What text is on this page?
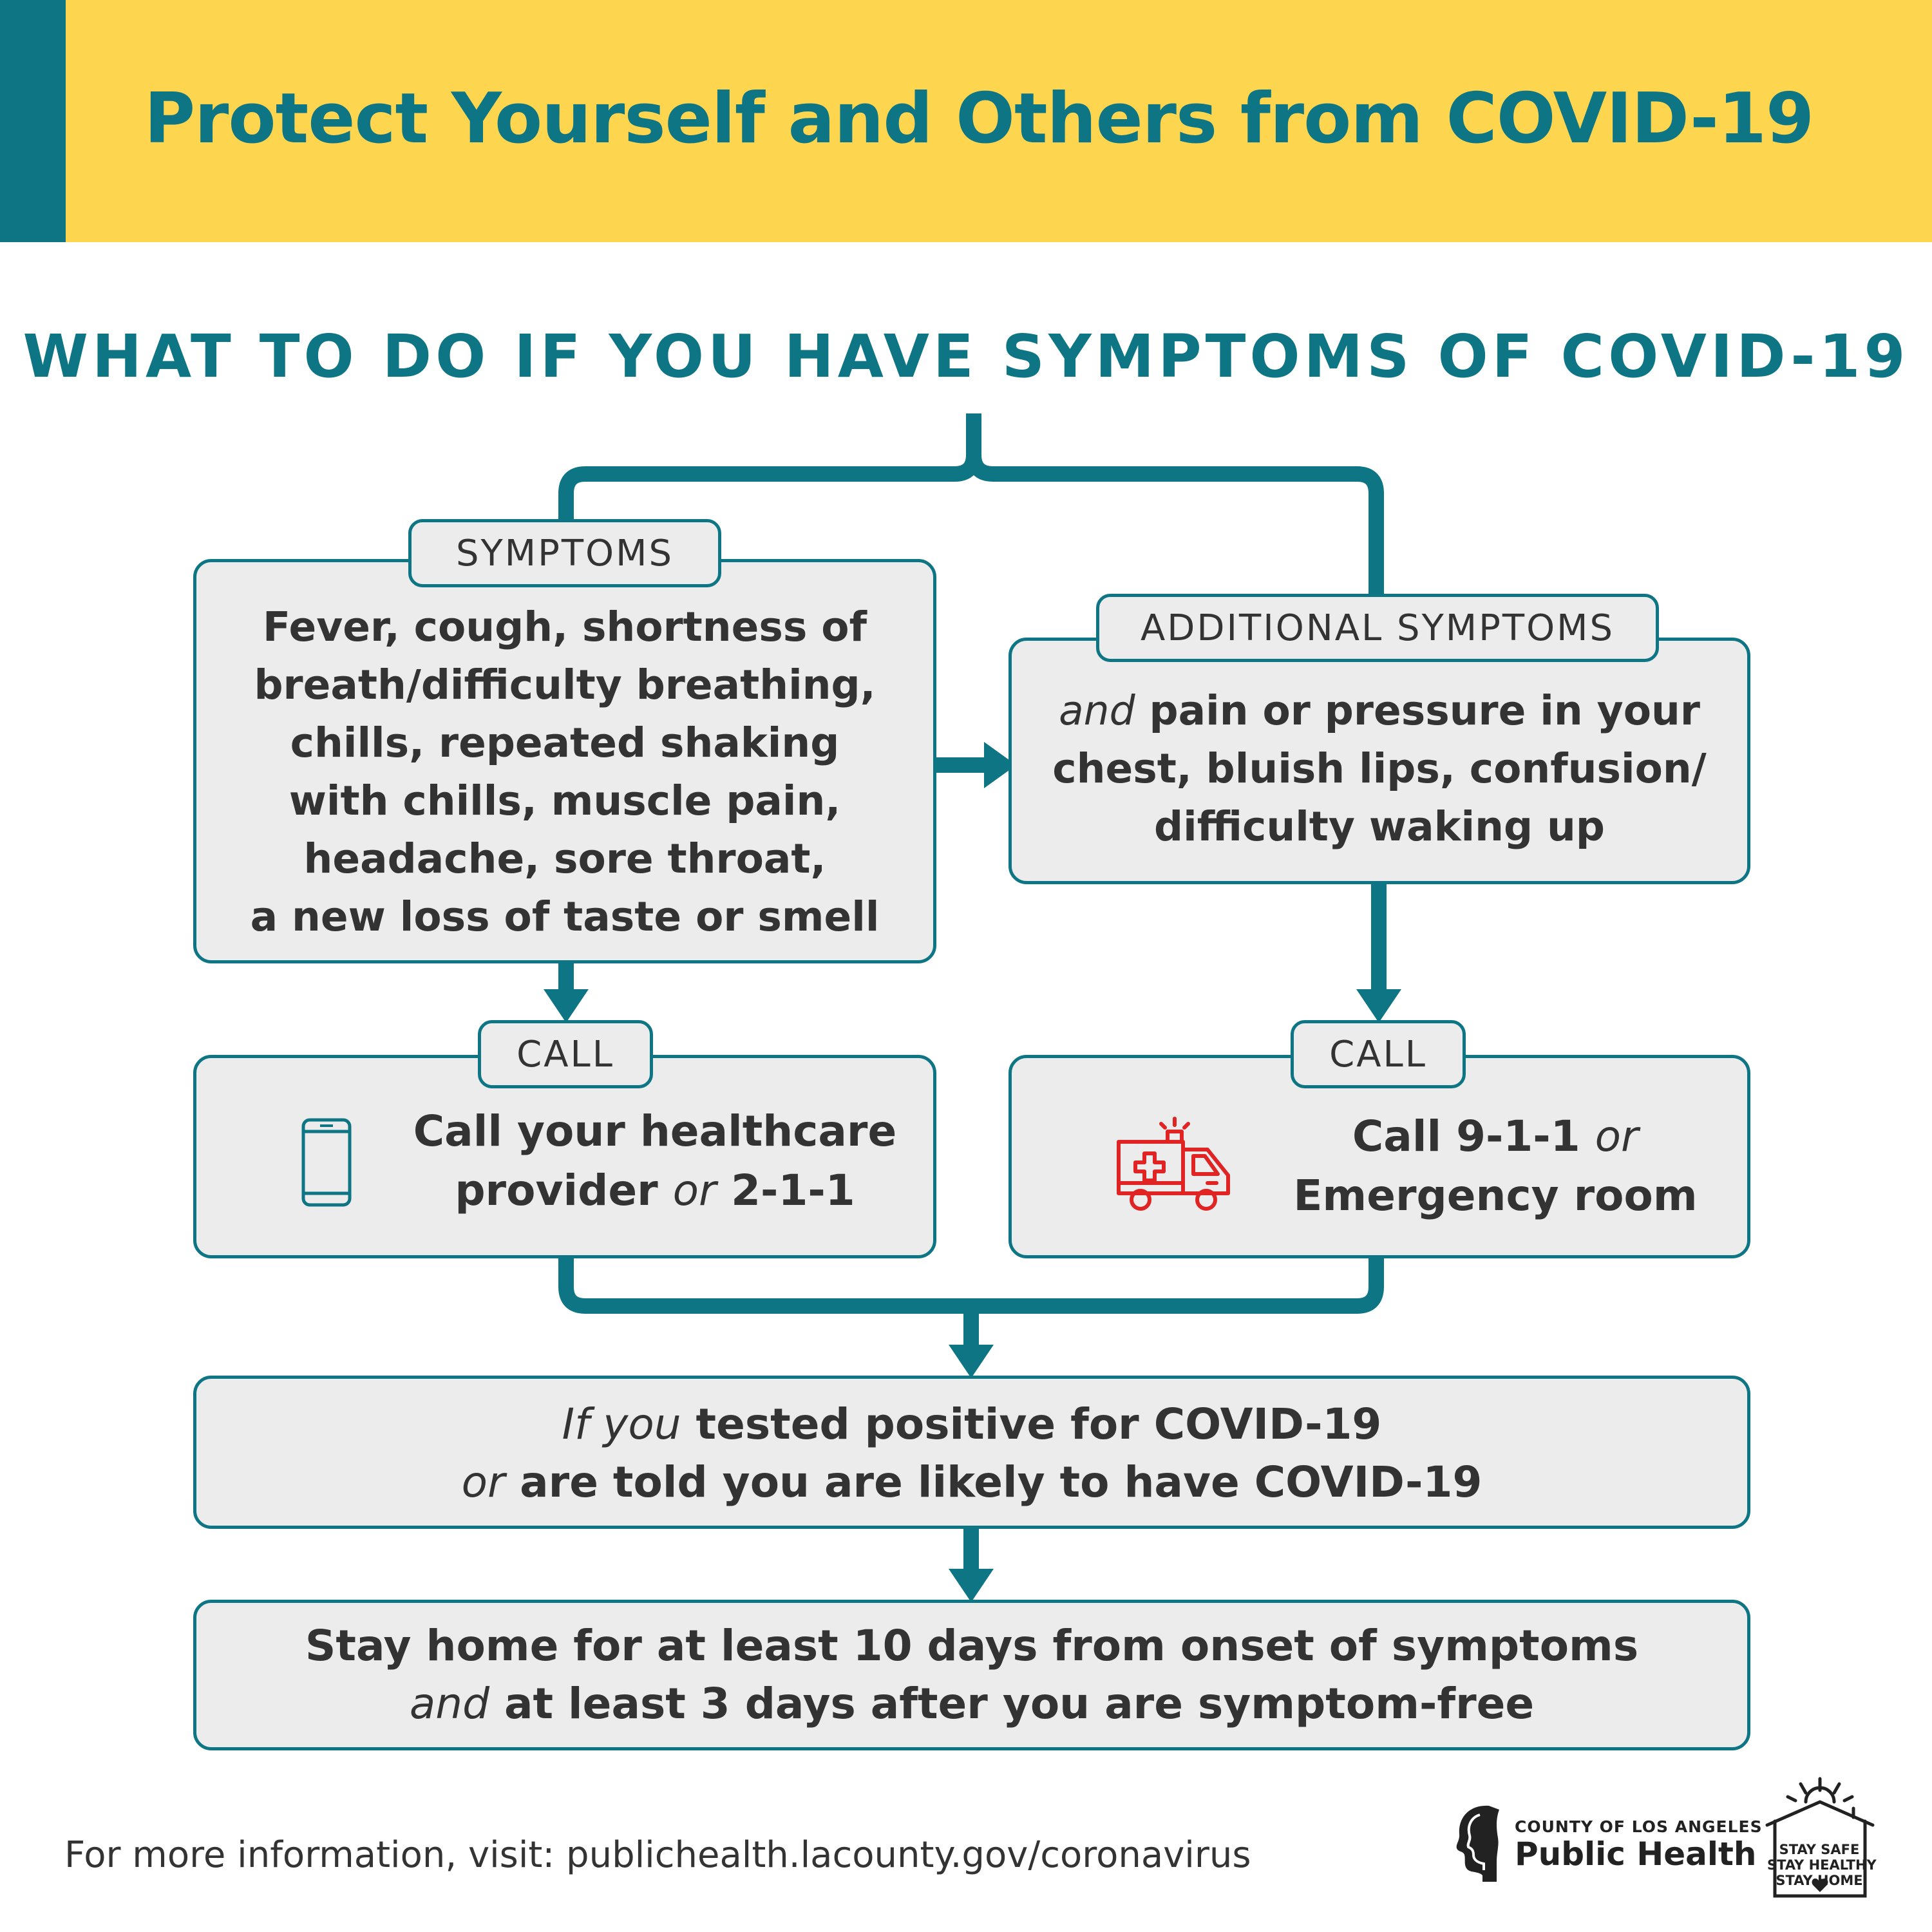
Protect Yourself and Others from COVID-19
WHAT TO DO IF YOU HAVE SYMPTOMS OF COVID-19
Fever, cough, shortness of
breath/difficulty breathing,
chills, repeated shaking
with chills, muscle pain,
headache, sore throat,
a new loss of taste or smell
SYMPTOMS
and pain or pressure in your
chest, bluish lips, confusion/
difficulty waking up
ADDITIONAL SYMPTOMS
Call your healthcare
provider or 2-1-1
CALL
Call 9-1-1 or
Emergency room
CALL
If you tested positive for COVID-19
or are told you are likely to have COVID-19
Stay home for at least 10 days from onset of symptoms
and at least 3 days after you are symptom-free
For more information, visit: publichealth.lacounty.gov/coronavirus
COUNTY OF LOS ANGELES
Public Health	STAY SAFE
STAY HEALTHY
STAY HOME
